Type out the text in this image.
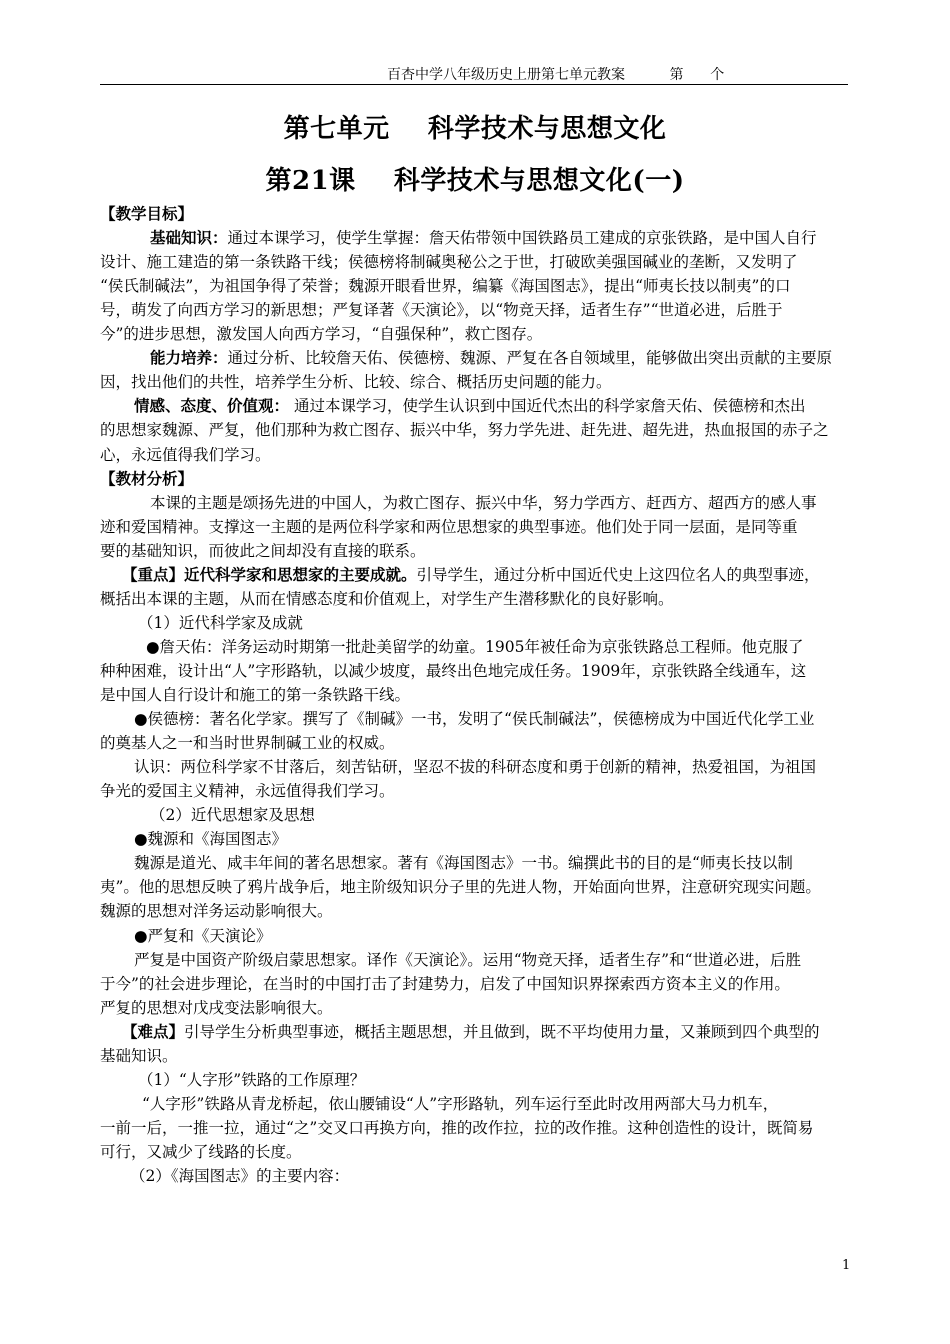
百杏中学八年级历史上册第七单元教案          第      个
第七单元    科学技术与思想文化
第21课    科学技术与思想文化(一)
【教学目标】
基础知识：通过本课学习，使学生掌握：詹天佑带领中国铁路员工建成的京张铁路，是中国人自行
设计、施工建造的第一条铁路干线；侯德榜将制碱奥秘公之于世，打破欧美强国碱业的垄断，又发明了
“侯氏制碱法”，为祖国争得了荣誉；魏源开眼看世界，编纂《海国图志》，提出“师夷长技以制夷”的口
号，萌发了向西方学习的新思想；严复译著《天演论》，以“物竞天择，适者生存”“世道必进，后胜于
今”的进步思想，激发国人向西方学习，“自强保种”，救亡图存。
能力培养：通过分析、比较詹天佑、侯德榜、魏源、严复在各自领域里，能够做出突出贡献的主要原
因，找出他们的共性，培养学生分析、比较、综合、概括历史问题的能力。
情感、态度、价值观： 通过本课学习，使学生认识到中国近代杰出的科学家詹天佑、侯德榜和杰出
的思想家魏源、严复，他们那种为救亡图存、振兴中华，努力学先进、赶先进、超先进，热血报国的赤子之
心，永远值得我们学习。
【教材分析】
本课的主题是颂扬先进的中国人，为救亡图存、振兴中华，努力学西方、赶西方、超西方的感人事
迹和爱国精神。支撑这一主题的是两位科学家和两位思想家的典型事迹。他们处于同一层面，是同等重
要的基础知识，而彼此之间却没有直接的联系。
【重点】近代科学家和思想家的主要成就。引导学生，通过分析中国近代史上这四位名人的典型事迹，
概括出本课的主题，从而在情感态度和价值观上，对学生产生潜移默化的良好影响。
（1）近代科学家及成就
●詹天佑：洋务运动时期第一批赴美留学的幼童。1905年被任命为京张铁路总工程师。他克服了
种种困难，设计出“人”字形路轨，以减少坡度，最终出色地完成任务。1909年，京张铁路全线通车，这
是中国人自行设计和施工的第一条铁路干线。
●侯德榜：著名化学家。撰写了《制碱》一书，发明了“侯氏制碱法”，侯德榜成为中国近代化学工业
的奠基人之一和当时世界制碱工业的权威。
认识：两位科学家不甘落后，刻苦钻研，坚忍不拔的科研态度和勇于创新的精神，热爱祖国，为祖国
争光的爱国主义精神，永远值得我们学习。
（2）近代思想家及思想
●魏源和《海国图志》
魏源是道光、咸丰年间的著名思想家。著有《海国图志》一书。编撰此书的目的是“师夷长技以制
夷”。他的思想反映了鸦片战争后，地主阶级知识分子里的先进人物，开始面向世界，注意研究现实问题。
魏源的思想对洋务运动影响很大。
●严复和《天演论》
严复是中国资产阶级启蒙思想家。译作《天演论》。运用“物竞天择，适者生存”和“世道必进，后胜
于今”的社会进步理论，在当时的中国打击了封建势力，启发了中国知识界探索西方资本主义的作用。
严复的思想对戊戌变法影响很大。
【难点】引导学生分析典型事迹，概括主题思想，并且做到，既不平均使用力量，又兼顾到四个典型的
基础知识。
（1）“人字形”铁路的工作原理？
“人字形”铁路从青龙桥起，依山腰铺设“人”字形路轨，列车运行至此时改用两部大马力机车，
一前一后，一推一拉，通过“之”交叉口再换方向，推的改作拉，拉的改作推。这种创造性的设计，既简易
可行，又减少了线路的长度。
（2）《海国图志》的主要内容：
1
